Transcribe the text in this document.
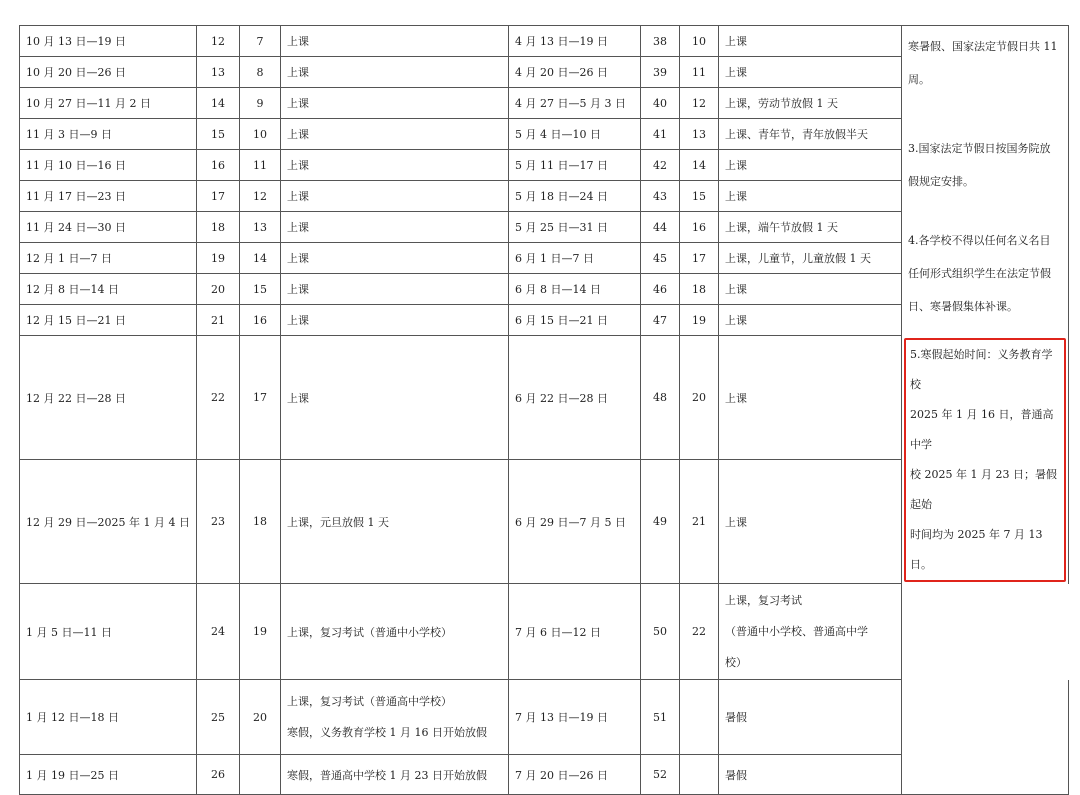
10 月 13 日—19 日	12	7	上课	4 月 13 日—19 日	38	10	上课	寒暑假、国家法定节假日共 11
周。

10 月 20 日—26 日	13	8	上课	4 月 20 日—26 日	39	11	上课	
10 月 27 日—11 月 2 日	14	9	上课	4 月 27 日—5 月 3 日	40	12	上课，劳动节放假 1 天	
11 月 3 日—9 日	15	10	上课	5 月 4 日—10 日	41	13	上课、青年节，青年放假半天	3.国家法定节假日按国务院放
假规定安排。

11 月 10 日—16 日	16	11	上课	5 月 11 日—17 日	42	14	上课	
11 月 17 日—23 日	17	12	上课	5 月 18 日—24 日	43	15	上课	
11 月 24 日—30 日	18	13	上课	5 月 25 日—31 日	44	16	上课，端午节放假 1 天	4.各学校不得以任何名义名目
任何形式组织学生在法定节假
日、寒暑假集体补课。

12 月 1 日—7 日	19	14	上课	6 月 1 日—7 日	45	17	上课，儿童节，儿童放假 1 天	
12 月 8 日—14 日	20	15	上课	6 月 8 日—14 日	46	18	上课	
12 月 15 日—21 日	21	16	上课	6 月 15 日—21 日	47	19	上课	
12 月 22 日—28 日	22	17	上课	6 月 22 日—28 日	48	20	上课	5.寒假起始时间：义务教育学校
2025 年 1 月 16 日，普通高中学
校 2025 年 1 月 23 日；暑假起始
时间均为 2025 年 7 月 13 日。

12 月 29 日—2025 年 1 月 4 日	23	18	上课，元旦放假 1 天	6 月 29 日—7 月 5 日	49	21	上课	
1 月 5 日—11 日	24	19	上课，复习考试（普通中小学校）	7 月 6 日—12 日	50	22	上课，复习考试
（普通中小学校、普通高中学
校）	

1 月 12 日—18 日	25	20	上课，复习考试（普通高中学校）
寒假，义务教育学校 1 月 16 日开始放假	7 月 13 日—19 日	51		暑假	
1 月 19 日—25 日	26		寒假，普通高中学校 1 月 23 日开始放假	7 月 20 日—26 日	52		暑假	
